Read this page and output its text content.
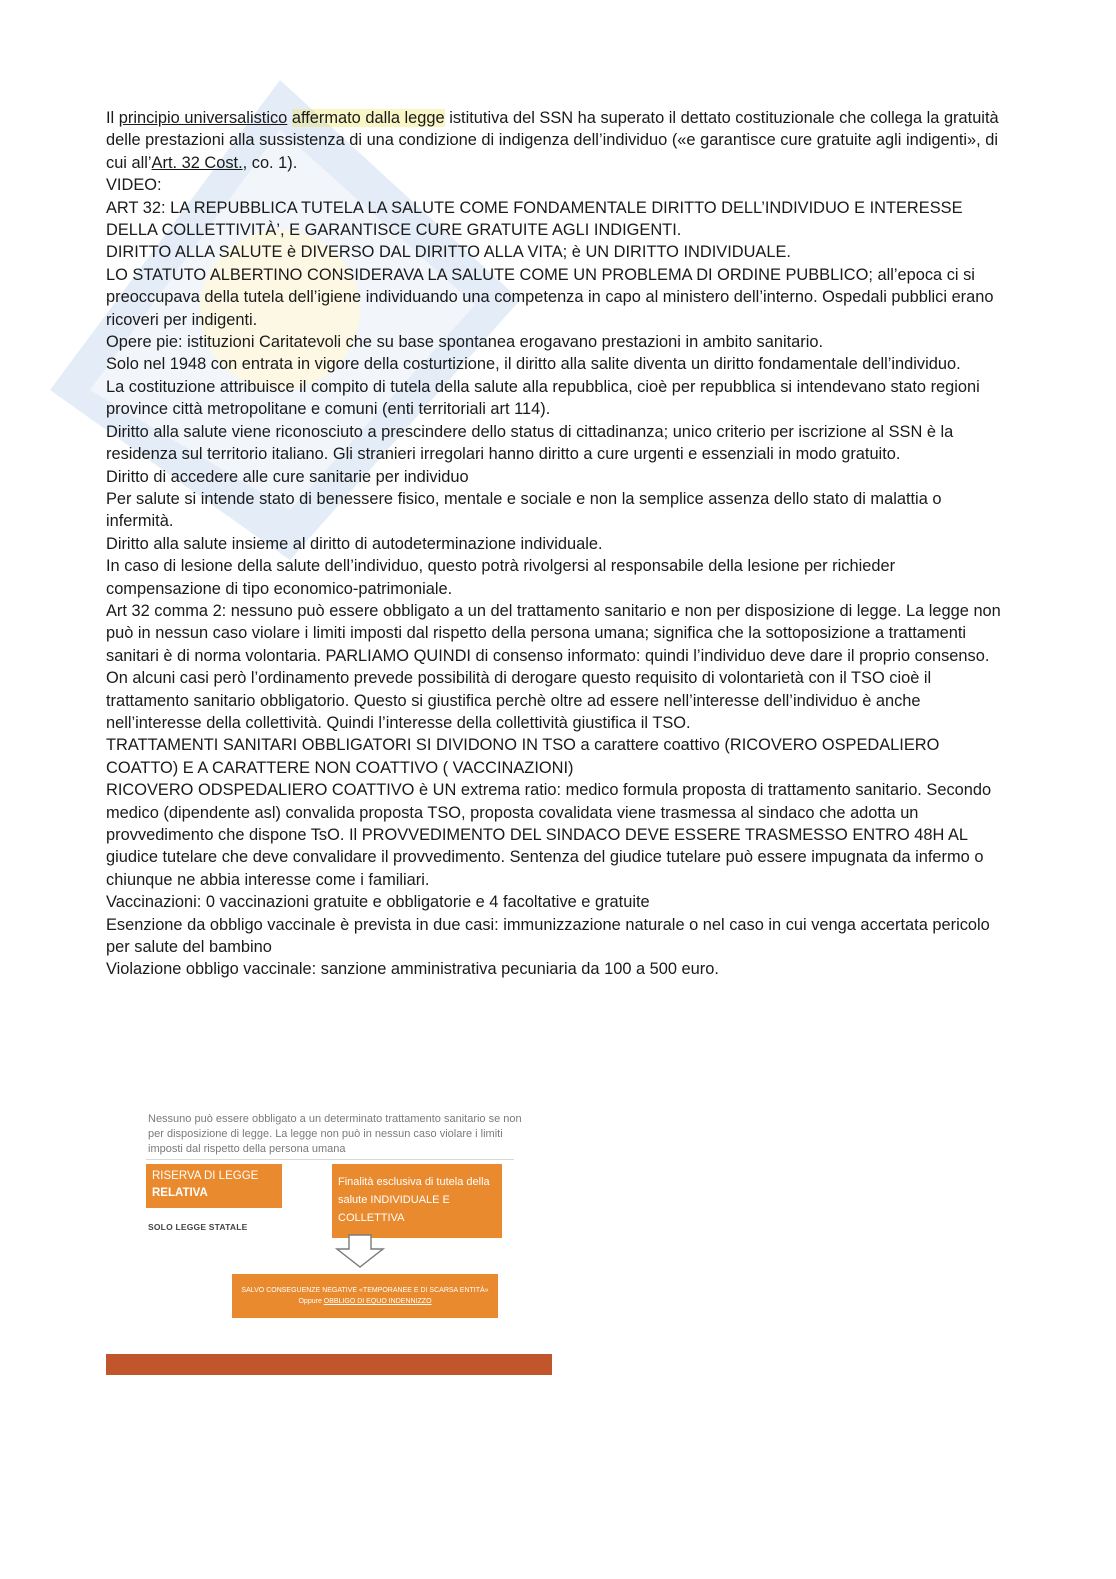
Il principio universalistico affermato dalla legge istitutiva del SSN ha superato il dettato costituzionale che collega la gratuità delle prestazioni alla sussistenza di una condizione di indigenza dell’individuo («e garantisce cure gratuite agli indigenti», di cui all’Art. 32 Cost., co. 1).

VIDEO:

ART 32: LA REPUBBLICA TUTELA LA SALUTE COME FONDAMENTALE DIRITTO DELL’INDIVIDUO E INTERESSE DELLA COLLETTIVITÀ’, E GARANTISCE CURE GRATUITE AGLI INDIGENTI.

DIRITTO ALLA SALUTE è DIVERSO DAL DIRITTO ALLA VITA; è UN DIRITTO INDIVIDUALE.

LO STATUTO ALBERTINO CONSIDERAVA LA SALUTE COME UN PROBLEMA DI ORDINE PUBBLICO; all’epoca ci si preoccupava della tutela dell’igiene individuando una competenza in capo al ministero dell’interno. Ospedali pubblici erano ricoveri per indigenti.

Opere pie: istituzioni Caritatevoli che su base spontanea erogavano prestazioni in ambito sanitario.

Solo nel 1948 con entrata in vigore della costurtizione, il diritto alla salite diventa un diritto fondamentale dell’individuo.

La costituzione attribuisce il compito di tutela della salute alla repubblica, cioè per repubblica si intendevano stato regioni province città metropolitane e comuni (enti territoriali art 114).

Diritto alla salute viene riconosciuto a prescindere dello status di cittadinanza; unico criterio per iscrizione al SSN è la residenza sul territorio italiano. Gli stranieri irregolari hanno diritto a cure urgenti e essenziali in modo gratuito.

Diritto di accedere alle cure sanitarie per individuo

Per salute si intende stato di benessere fisico, mentale e sociale e non la semplice assenza dello stato di malattia o infermità.

Diritto alla salute insieme al diritto di autodeterminazione individuale.

In caso di lesione della salute dell’individuo, questo potrà rivolgersi al responsabile della lesione per richieder compensazione di tipo economico-patrimoniale.

Art 32 comma 2: nessuno può essere obbligato a un del trattamento sanitario e non per disposizione di legge. La legge non può in nessun caso violare i limiti imposti dal rispetto della persona umana; significa che la sottoposizione a trattamenti sanitari è di norma volontaria. PARLIAMO QUINDI di consenso informato: quindi l’individuo deve dare il proprio consenso. On alcuni casi però l’ordinamento prevede possibilità di derogare questo requisito di volontarietà con il TSO cioè il trattamento sanitario obbligatorio. Questo si giustifica perchè oltre ad essere nell’interesse dell’individuo è anche nell’interesse della collettività. Quindi l’interesse della collettività giustifica il TSO.

TRATTAMENTI SANITARI OBBLIGATORI SI DIVIDONO IN TSO a carattere coattivo (RICOVERO OSPEDALIERO COATTO) E A CARATTERE NON COATTIVO ( VACCINAZIONI)

RICOVERO ODSPEDALIERO COATTIVO è UN extrema ratio: medico formula proposta di trattamento sanitario. Secondo medico (dipendente asl) convalida proposta TSO, proposta covalidata viene trasmessa al sindaco che adotta un provvedimento che dispone TsO. Il PROVVEDIMENTO DEL SINDACO DEVE ESSERE TRASMESSO ENTRO 48H AL giudice tutelare che deve convalidare il provvedimento. Sentenza del giudice tutelare può essere impugnata da infermo o chiunque ne abbia interesse come i familiari.

Vaccinazioni: 0 vaccinazioni gratuite e obbligatorie e 4 facoltative e gratuite

Esenzione da obbligo vaccinale è prevista in due casi: immunizzazione naturale o nel caso in cui venga accertata pericolo per salute del bambino

Violazione obbligo vaccinale: sanzione amministrativa pecuniaria da 100 a 500 euro.

Nessuno può essere obbligato a un determinato trattamento sanitario se non per disposizione di legge. La legge non può in nessun caso violare i limiti imposti dal rispetto della persona umana
RISERVA DI LEGGE
RELATIVA
SOLO LEGGE STATALE
Finalità esclusiva di tutela della salute INDIVIDUALE E COLLETTIVA
SALVO CONSEGUENZE NEGATIVE «TEMPORANEE E DI SCARSA ENTITÀ»
Oppure OBBLIGO DI EQUO INDENNIZZO
